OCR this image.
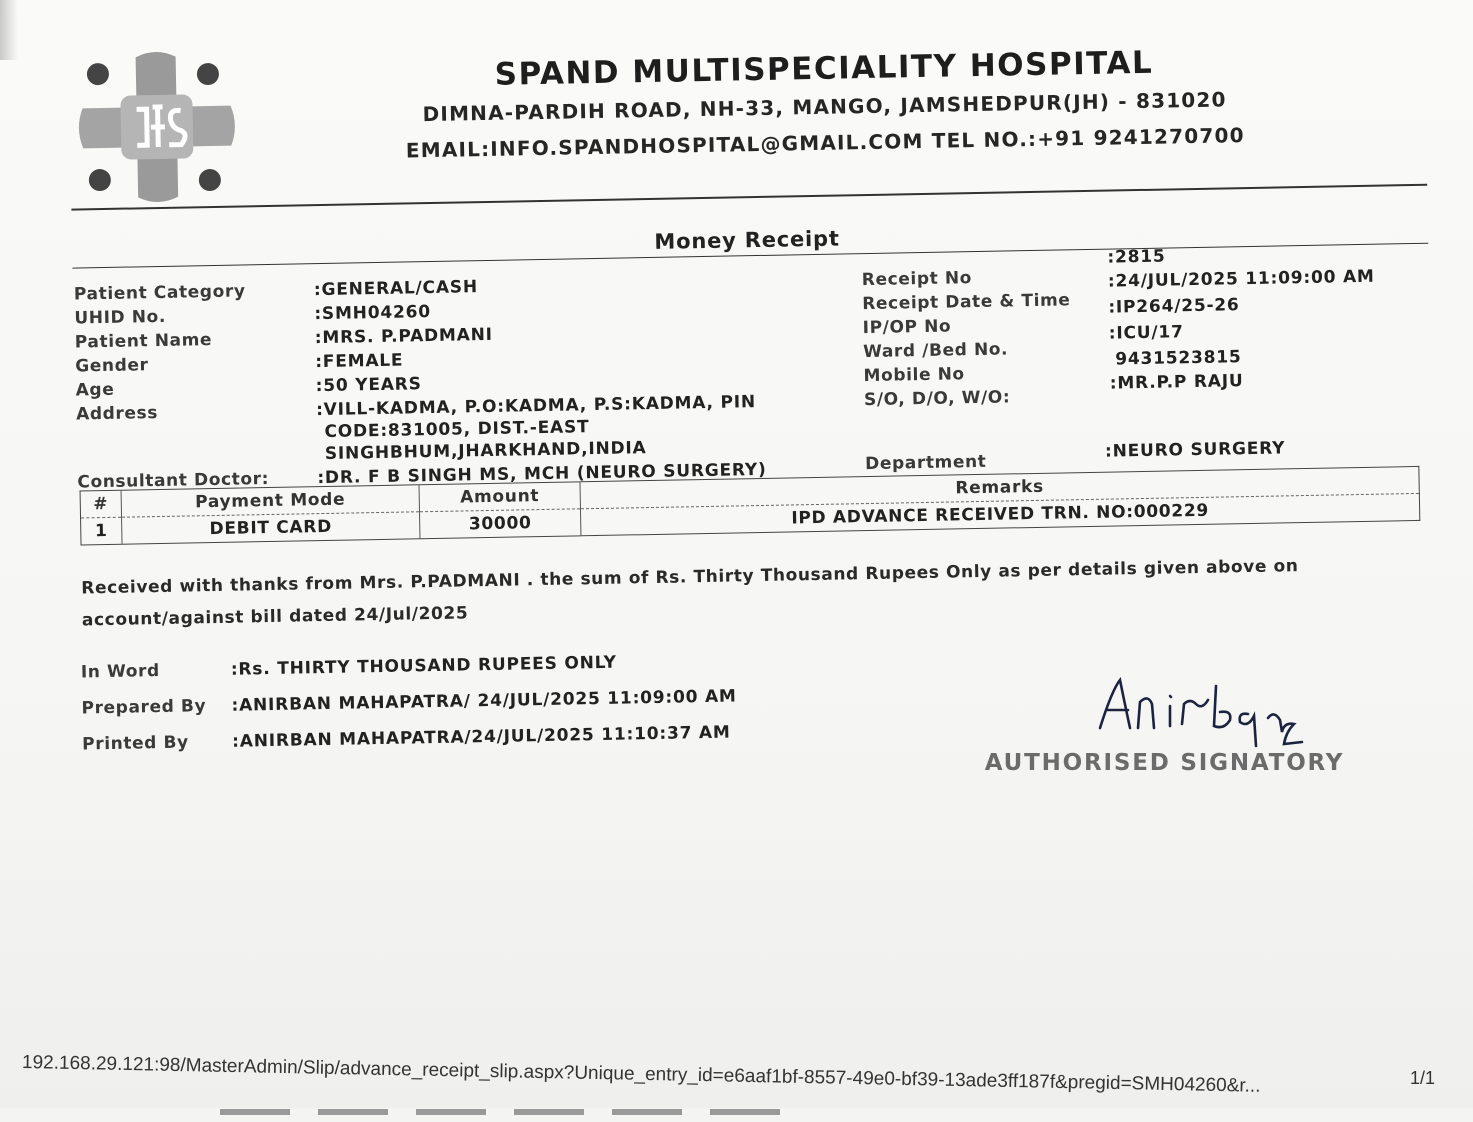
SPAND MULTISPECIALITY HOSPITAL
DIMNA-PARDIH ROAD, NH-33, MANGO, JAMSHEDPUR(JH) - 831020
EMAIL:INFO.SPANDHOSPITAL@GMAIL.COM TEL NO.:+91 9241270700
Money Receipt
Patient Category	:GENERAL/CASH
UHID No.	:SMH04260
Patient Name	:MRS. P.PADMANI
Gender	:FEMALE
Age	:50 YEARS
Address	:VILL-KADMA, P.O:KADMA, P.S:KADMA, PIN
CODE:831005, DIST.-EAST
SINGHBHUM,JHARKHAND,INDIA
Consultant Doctor:	:DR. F B SINGH MS, MCH (NEURO SURGERY)
Receipt No
:2815
Receipt Date & Time
:24/JUL/2025 11:09:00 AM
IP/OP No
:IP264/25-26
Ward /Bed No.
:ICU/17
Mobile No
9431523815
S/O, D/O, W/O:
:MR.P.P RAJU
Department
:NEURO SURGERY
#	Payment Mode	Amount	Remarks
1	DEBIT CARD	30000	IPD ADVANCE RECEIVED TRN. NO:000229
Received with thanks from Mrs. P.PADMANI . the sum of Rs. Thirty Thousand Rupees Only as per details given above on
account/against bill dated 24/Jul/2025
In Word	:Rs. THIRTY THOUSAND RUPEES ONLY
Prepared By :ANIRBAN MAHAPATRA/ 24/JUL/2025 11:09:00 AM
Printed By	:ANIRBAN MAHAPATRA/24/JUL/2025 11:10:37 AM
AUTHORISED SIGNATORY
192.168.29.121:98/MasterAdmin/Slip/advance_receipt_slip.aspx?Unique_entry_id=e6aaf1bf-8557-49e0-bf39-13ade3ff187f&pregid=SMH04260&r...	1/1
